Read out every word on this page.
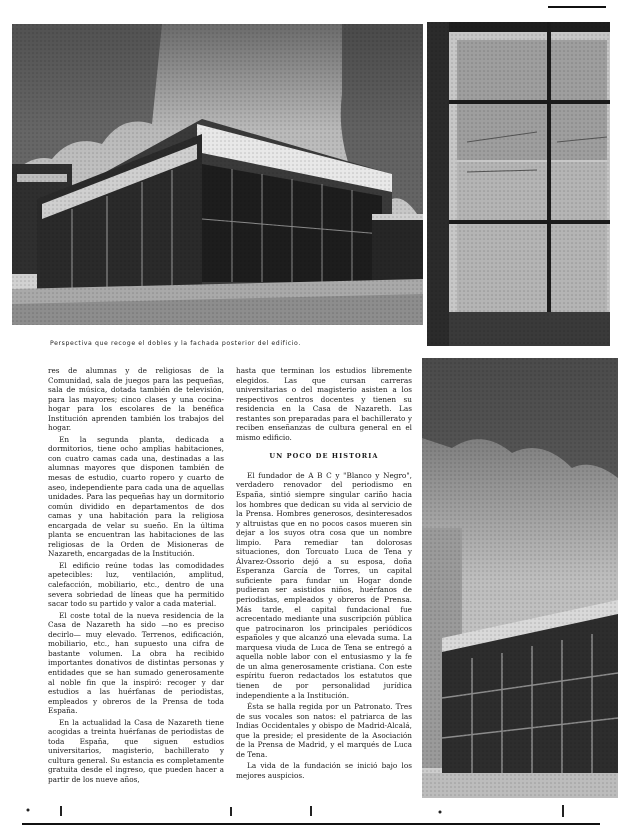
Perspectiva que recoge el dobles y la fachada posterior del edificio.

res de alumnas y de religiosas de la Comunidad, sala de juegos para las pequeñas, sala de música, dotada también de televisión, para las mayores; cinco clases y una cocina-hogar para los escolares de la benéfica Institución aprenden también los trabajos del hogar.

En la segunda planta, dedicada a dormitorios, tiene ocho amplias habitaciones, con cuatro camas cada una, destinadas a las alumnas mayores que disponen también de mesas de estudio, cuarto ropero y cuarto de aseo, independiente para cada una de aquellas unidades. Para las pequeñas hay un dormitorio común dividido en departamentos de dos camas y una habitación para la religiosa encargada de velar su sueño. En la última planta se encuentran las habitaciones de las religiosas de la Orden de Misioneras de Nazareth, encargadas de la Institución.

El edificio reúne todas las comodidades apetecibles: luz, ventilación, amplitud, calefacción, mobiliario, etc., dentro de una severa sobriedad de líneas que ha permitido sacar todo su partido y valor a cada material.

El coste total de la nueva residencia de la Casa de Nazareth ha sido —no es preciso decirlo— muy elevado. Terrenos, edificación, mobiliario, etc., han supuesto una cifra de bastante volumen. La obra ha recibido importantes donativos de distintas personas y entidades que se han sumado generosamente al noble fin que la inspiró: recoger y dar estudios a las huérfanas de periodistas, empleados y obreros de la Prensa de toda España.

En la actualidad la Casa de Nazareth tiene acogidas a treinta huérfanas de periodistas de toda España, que siguen estudios universitarios, magisterio, bachillerato y cultura general. Su estancia es completamente gratuita desde el ingreso, que pueden hacer a partir de los nueve años,

hasta que terminan los estudios libremente elegidos. Las que cursan carreras universitarias o del magisterio asisten a los respectivos centros docentes y tienen su residencia en la Casa de Nazareth. Las restantes son preparadas para el bachillerato y reciben enseñanzas de cultura general en el mismo edificio.

UN POCO DE HISTORIA

El fundador de A B C y "Blanco y Negro", verdadero renovador del periodismo en España, sintió siempre singular cariño hacia los hombres que dedican su vida al servicio de la Prensa. Hombres generosos, desinteresados y altruistas que en no pocos casos mueren sin dejar a los suyos otra cosa que un nombre limpio. Para remediar tan dolorosas situaciones, don Torcuato Luca de Tena y Álvarez-Ossorio dejó a su esposa, doña Esperanza García de Torres, un capital suficiente para fundar un Hogar donde pudieran ser asistidos niños, huérfanos de periodistas, empleados y obreros de Prensa. Más tarde, el capital fundacional fue acrecentado mediante una suscripción pública que patrocinaron los principales periódicos españoles y que alcanzó una elevada suma. La marquesa viuda de Luca de Tena se entregó a aquella noble labor con el entusiasmo y la fe de un alma generosamente cristiana. Con este espíritu fueron redactados los estatutos que tienen de por personalidad jurídica independiente a la Institución.

Ésta se halla regida por un Patronato. Tres de sus vocales son natos: el patriarca de las Indias Occidentales y obispo de Madrid-Alcalá, que la preside; el presidente de la Asociación de la Prensa de Madrid, y el marqués de Luca de Tena.

La vida de la fundación se inició bajo los mejores auspicios.
